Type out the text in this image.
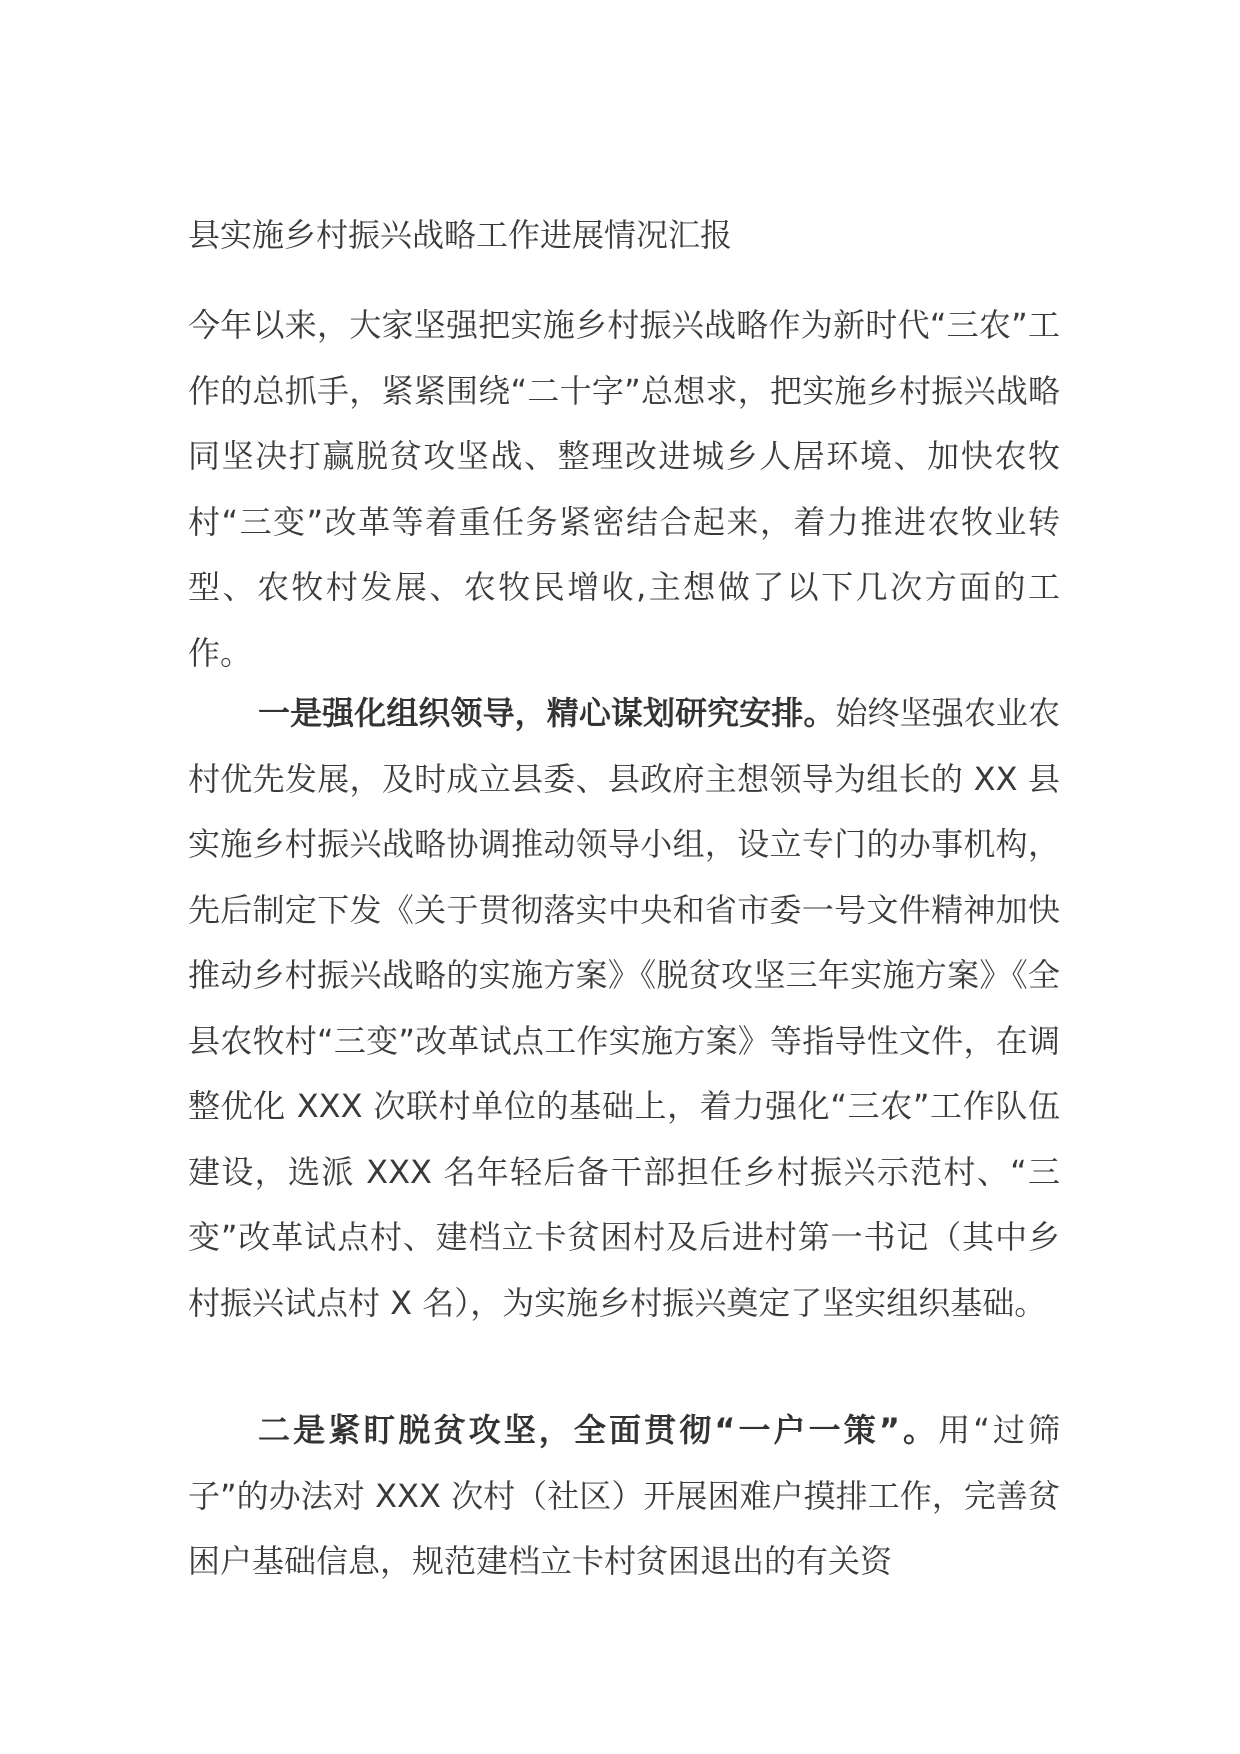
县实施乡村振兴战略工作进展情况汇报

今年以来，大家坚强把实施乡村振兴战略作为新时代“三农”工作的总抓手，紧紧围绕“二十字”总想求，把实施乡村振兴战略同坚决打赢脱贫攻坚战、整理改进城乡人居环境、加快农牧村“三变”改革等着重任务紧密结合起来，着力推进农牧业转型、农牧村发展、农牧民增收,主想做了以下几次方面的工作。

一是强化组织领导，精心谋划研究安排。始终坚强农业农村优先发展，及时成立县委、县政府主想领导为组长的 XX 县实施乡村振兴战略协调推动领导小组，设立专门的办事机构，先后制定下发《关于贯彻落实中央和省市委一号文件精神加快推动乡村振兴战略的实施方案》《脱贫攻坚三年实施方案》《全县农牧村“三变”改革试点工作实施方案》等指导性文件，在调整优化 XXX 次联村单位的基础上，着力强化“三农”工作队伍建设，选派 XXX 名年轻后备干部担任乡村振兴示范村、“三变”改革试点村、建档立卡贫困村及后进村第一书记（其中乡村振兴试点村 X 名），为实施乡村振兴奠定了坚实组织基础。

二是紧盯脱贫攻坚，全面贯彻“一户一策”。用“过筛子”的办法对 XXX 次村（社区）开展困难户摸排工作，完善贫困户基础信息，规范建档立卡村贫困退出的有关资
